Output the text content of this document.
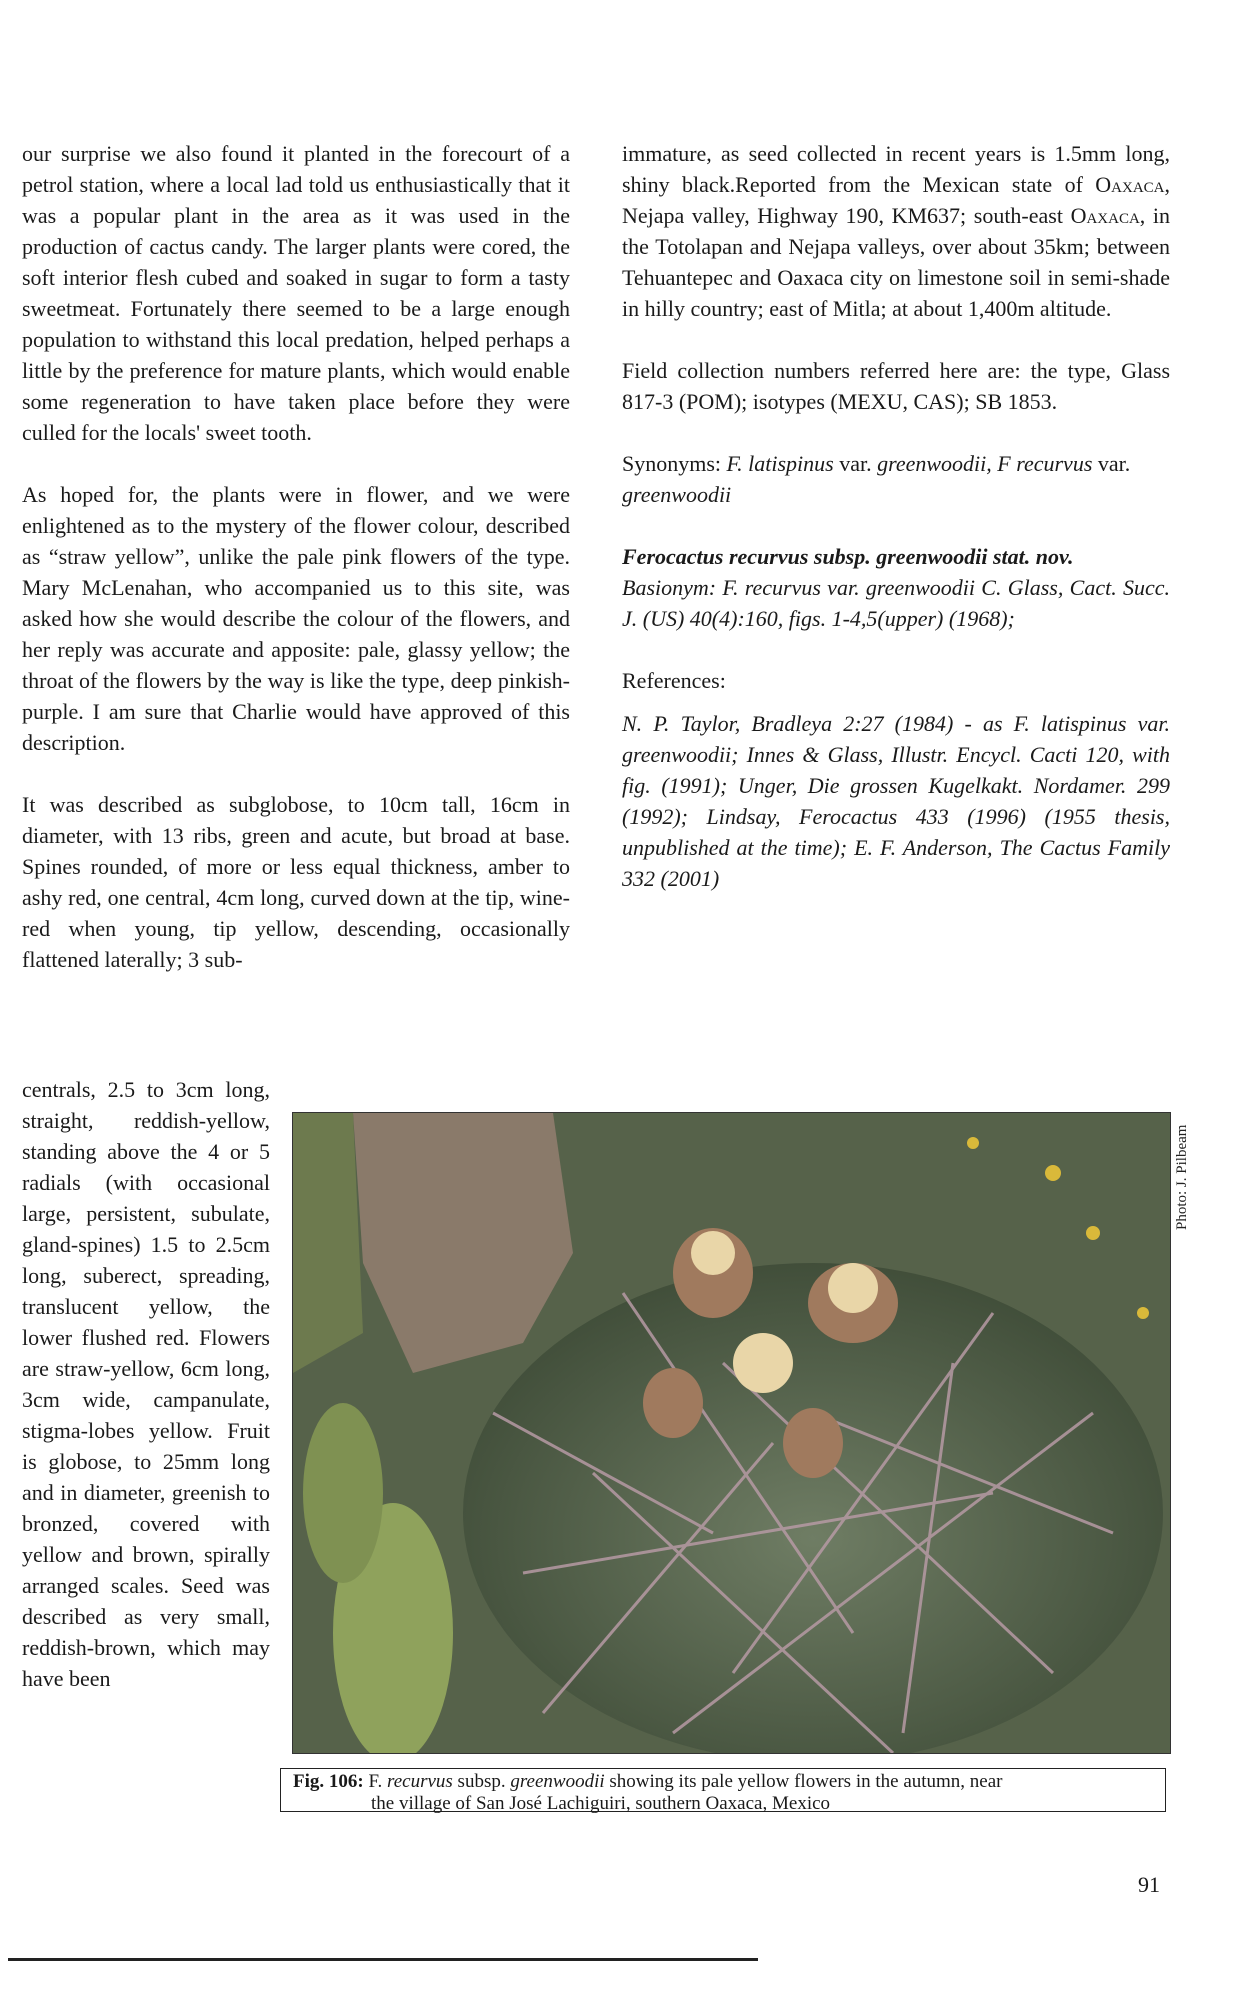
our surprise we also found it planted in the forecourt of a petrol station, where a local lad told us enthusiastically that it was a popular plant in the area as it was used in the production of cactus candy. The larger plants were cored, the soft interior flesh cubed and soaked in sugar to form a tasty sweetmeat. Fortunately there seemed to be a large enough population to withstand this local predation, helped perhaps a little by the preference for mature plants, which would enable some regeneration to have taken place before they were culled for the locals' sweet tooth.

As hoped for, the plants were in flower, and we were enlightened as to the mystery of the flower colour, described as “straw yellow”, unlike the pale pink flowers of the type. Mary McLenahan, who accompanied us to this site, was asked how she would describe the colour of the flowers, and her reply was accurate and apposite: pale, glassy yellow; the throat of the flowers by the way is like the type, deep pinkish-purple. I am sure that Charlie would have approved of this description.

It was described as subglobose, to 10cm tall, 16cm in diameter, with 13 ribs, green and acute, but broad at base. Spines rounded, of more or less equal thickness, amber to ashy red, one central, 4cm long, curved down at the tip, wine-red when young, tip yellow, descending, occasionally flattened laterally; 3 sub-

centrals, 2.5 to 3cm long, straight, reddish-yellow, standing above the 4 or 5 radials (with occasional large, persistent, subulate, gland-spines) 1.5 to 2.5cm long, suberect, spreading, translucent yellow, the lower flushed red. Flowers are straw-yellow, 6cm long, 3cm wide, campanulate, stigma-lobes yellow. Fruit is globose, to 25mm long and in diameter, greenish to bronzed, covered with yellow and brown, spirally arranged scales. Seed was described as very small, reddish-brown, which may have been

immature, as seed collected in recent years is 1.5mm long, shiny black.Reported from the Mexican state of Oaxaca, Nejapa valley, Highway 190, KM637; south-east Oaxaca, in the Totolapan and Nejapa valleys, over about 35km; between Tehuantepec and Oaxaca city on limestone soil in semi-shade in hilly country; east of Mitla; at about 1,400m altitude.

Field collection numbers referred here are: the type, Glass 817-3 (POM); isotypes (MEXU, CAS); SB 1853.

Synonyms: F. latispinus var. greenwoodii, F recurvus var. greenwoodii

Ferocactus recurvus subsp. greenwoodii stat. nov.

Basionym: F. recurvus var. greenwoodii C. Glass, Cact. Succ. J. (US) 40(4):160, figs. 1-4,5(upper) (1968);

References:

N. P. Taylor, Bradleya 2:27 (1984) - as F. latispinus var. greenwoodii; Innes & Glass, Illustr. Encycl. Cacti 120, with fig. (1991); Unger, Die grossen Kugelkakt. Nordamer. 299 (1992); Lindsay, Ferocactus 433 (1996) (1955 thesis, unpublished at the time); E. F. Anderson, The Cactus Family 332 (2001)

Photo: J. Pilbeam
Fig. 106: F. recurvus subsp. greenwoodii showing its pale yellow flowers in the autumn, near
the village of San José Lachiguiri, southern Oaxaca, Mexico
91
